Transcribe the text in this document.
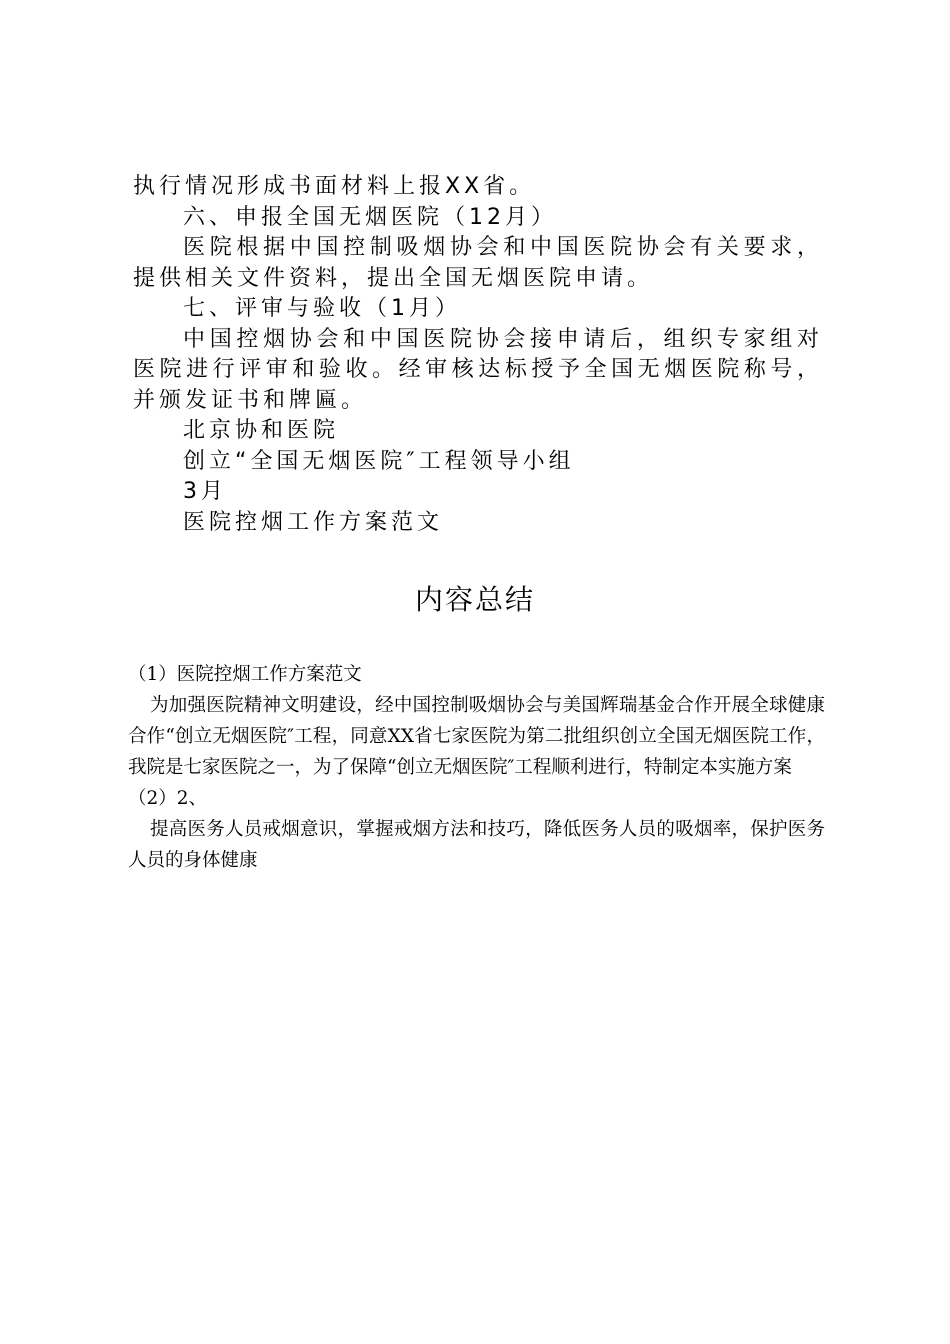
执行情况形成书面材料上报XX省。

六、申报全国无烟医院（12月）

医院根据中国控制吸烟协会和中国医院协会有关要求，提供相关文件资料，提出全国无烟医院申请。

七、评审与验收（1月）

中国控烟协会和中国医院协会接申请后，组织专家组对医院进行评审和验收。经审核达标授予全国无烟医院称号，并颁发证书和牌匾。

北京协和医院

创立“全国无烟医院″工程领导小组

3月

医院控烟工作方案范文

内容总结

（1）医院控烟工作方案范文

为加强医院精神文明建设，经中国控制吸烟协会与美国辉瑞基金合作开展全球健康合作“创立无烟医院″工程，同意XX省七家医院为第二批组织创立全国无烟医院工作，我院是七家医院之一，为了保障“创立无烟医院″工程顺利进行，特制定本实施方案

（2）2、

提高医务人员戒烟意识，掌握戒烟方法和技巧，降低医务人员的吸烟率，保护医务人员的身体健康
